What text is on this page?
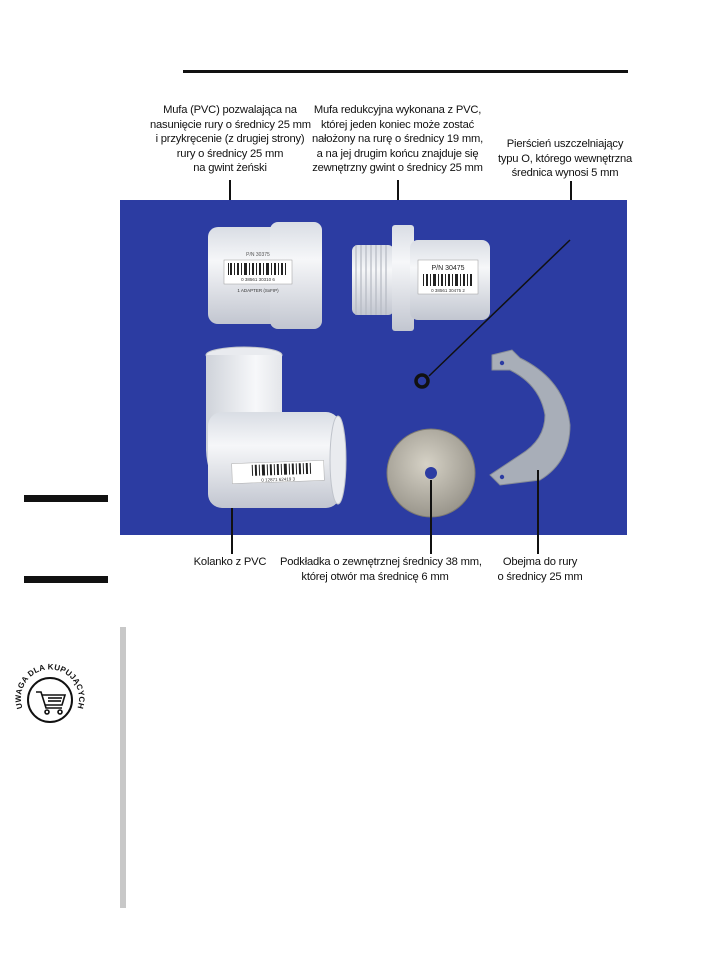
Mufa (PVC) pozwalająca na
nasunięcie rury o średnicy 25 mm
i przykręcenie (z drugiej strony)
rury o średnicy 25 mm
na gwint żeński
Mufa redukcyjna wykonana z PVC,
której jeden koniec może zostać
nałożony na rurę o średnicy 19 mm,
a na jej drugim końcu znajduje się
zewnętrzny gwint o średnicy 25 mm
Pierścień uszczelniający
typu O, którego wewnętrzna
średnica wynosi 5 mm
Kolanko z PVC	Podkładka o zewnętrznej średnicy 38 mm,
której otwór ma średnicę 6 mm
Obejma do rury
o średnicy 25 mm
P/N 30375
0 38561 30310 6
1 ADAPTER (SxFIP)
P/N 30475
0 38561 30475 2
0 12871 62419 3
UWAGA DLA KUPUJĄCYCH
